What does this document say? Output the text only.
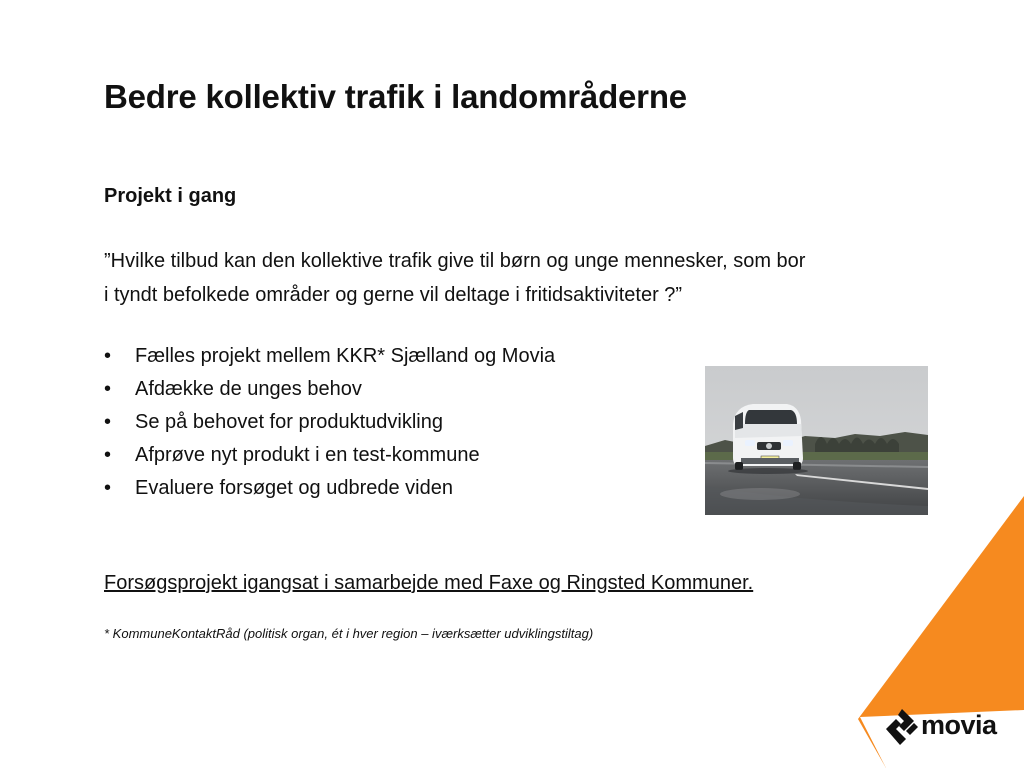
Bedre kollektiv trafik i landområderne
Projekt i gang
”Hvilke tilbud kan den kollektive trafik give til børn og unge mennesker, som bor
i tyndt befolkede områder og gerne vil deltage i fritidsaktiviteter ?”
•	Fælles projekt mellem KKR* Sjælland og Movia
•	Afdække de unges behov
•	Se på behovet for produktudvikling
•	Afprøve nyt produkt i en test-kommune
•	Evaluere forsøget og udbrede viden
movia
Forsøgsprojekt igangsat i samarbejde med Faxe og Ringsted Kommuner.
* KommuneKontaktRåd (politisk organ, ét i hver region – iværksætter udviklingstiltag)
